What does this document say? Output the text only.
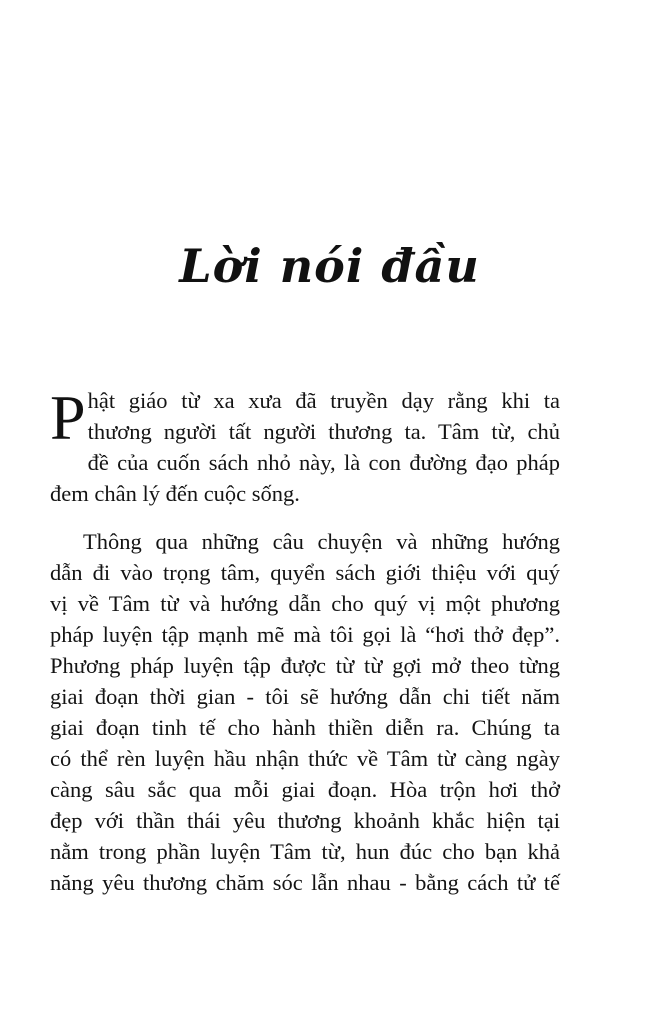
Lời nói đầu
P hật giáo từ xa xưa đã truyền dạy rằng khi ta
thương người tất người thương ta. Tâm từ, chủ
đề của cuốn sách nhỏ này, là con đường đạo pháp
đem chân lý đến cuộc sống.
Thông qua những câu chuyện và những hướng
dẫn đi vào trọng tâm, quyển sách giới thiệu với quý
vị về Tâm từ và hướng dẫn cho quý vị một phương
pháp luyện tập mạnh mẽ mà tôi gọi là “hơi thở đẹp”.
Phương pháp luyện tập được từ từ gợi mở theo từng
giai đoạn thời gian - tôi sẽ hướng dẫn chi tiết năm
giai đoạn tinh tế cho hành thiền diễn ra. Chúng ta
có thể rèn luyện hầu nhận thức về Tâm từ càng ngày
càng sâu sắc qua mỗi giai đoạn. Hòa trộn hơi thở
đẹp với thần thái yêu thương khoảnh khắc hiện tại
nằm trong phần luyện Tâm từ, hun đúc cho bạn khả
năng yêu thương chăm sóc lẫn nhau - bằng cách tử tế
